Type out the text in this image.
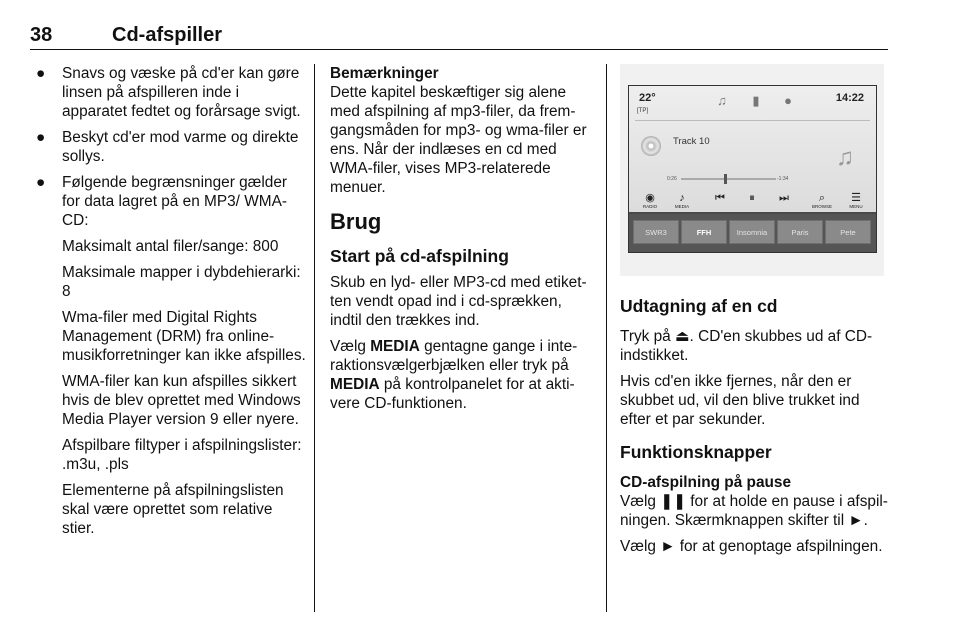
38	Cd-afspiller
● Snavs og væske på cd'er kan gøre linsen på afspilleren inde i apparatet fedtet og forårsage svigt.
● Beskyt cd'er mod varme og direkte sollys.
● Følgende begrænsninger gælder for data lagret på en MP3/ WMA-CD:
Maksimalt antal filer/sange: 800
Maksimale mapper i dybdehierarki: 8
Wma-filer med Digital Rights Management (DRM) fra onlinemusikforretninger kan ikke afspilles.
WMA-filer kan kun afspilles sikkert hvis de blev oprettet med Windows Media Player version 9 eller nyere.
Afspilbare filtyper i afspilningslister: .m3u, .pls
Elementerne på afspilningslisten skal være oprettet som relative stier.
Bemærkninger
Dette kapitel beskæftiger sig alene med afspilning af mp3-filer, da fremgangsmåden for mp3- og wma-filer er ens. Når der indlæses en cd med WMA-filer, vises MP3-relaterede menuer.
Brug
Start på cd-afspilning
Skub en lyd- eller MP3-cd med etiketten vendt opad ind i cd-sprækken, indtil den trækkes ind.
Vælg MEDIA gentagne gange i interaktionsvælgerbjælken eller tryk på MEDIA på kontrolpanelet for at aktivere CD-funktionen.
22°
[TP]
♫	▮	●	14:22
Track 10
♫
0:26	-1:34
◉
RADIO
♪
MEDIA
⏮	⏸	⏭	⌕
BROWSE
☰
MENU
SWR3	FFH	Insomnia	Paris	Pete
Udtagning af en cd
Tryk på ⏏. CD'en skubbes ud af CD-indstikket.
Hvis cd'en ikke fjernes, når den er skubbet ud, vil den blive trukket ind efter et par sekunder.
Funktionsknapper
CD-afspilning på pause
Vælg ❚❚ for at holde en pause i afspilningen. Skærmknappen skifter til ►.
Vælg ► for at genoptage afspilningen.
